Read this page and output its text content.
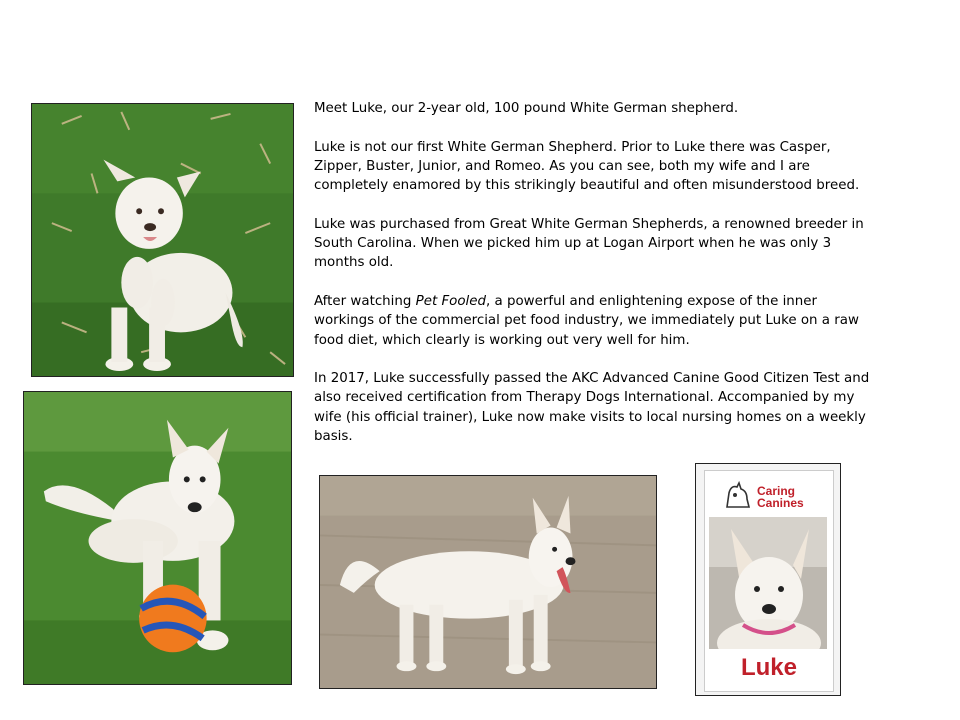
Meet Luke, our 2-year old, 100 pound White German shepherd.

Luke is not our first White German Shepherd. Prior to Luke there was Casper, Zipper, Buster, Junior, and Romeo. As you can see, both my wife and I are completely enamored by this strikingly beautiful and often misunderstood breed.

Luke was purchased from Great White German Shepherds, a renowned breeder in South Carolina. When we picked him up at Logan Airport when he was only 3 months old.

After watching Pet Fooled, a powerful and enlightening expose of the inner workings of the commercial pet food industry, we immediately put Luke on a raw food diet, which clearly is working out very well for him.

In 2017, Luke successfully passed the AKC Advanced Canine Good Citizen Test and also received certification from Therapy Dogs International. Accompanied by my wife (his official trainer), Luke now make visits to local nursing homes on a weekly basis.

Caring
Canines
Luke
